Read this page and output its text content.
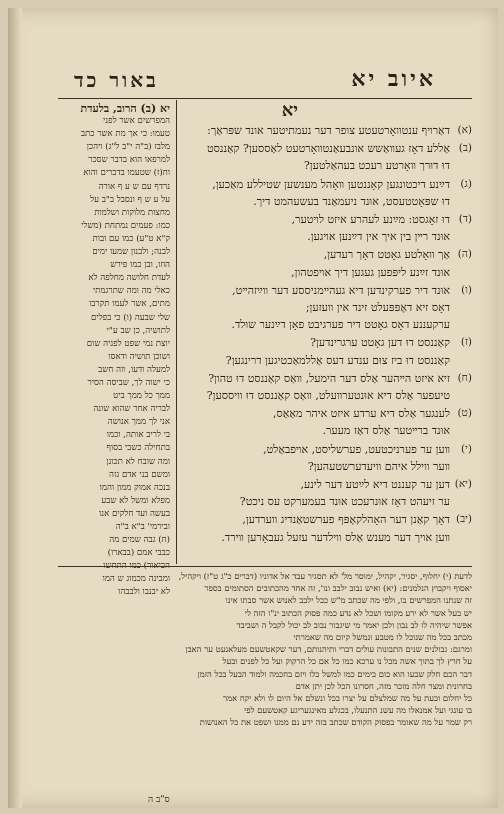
איוב יא
באור כד
יא
(א)
דאַרױף ענטװאָרטעטע צופר דער נעמתיטער אונד שפּראַך:
(ב)
אַללע דאָז געװאַשש אונבעאַנטװאָרטעט לאַססען? קאַננסט
דוּ דוּרך װאָרטע רעכט בעהאַלטען?
(ג)
דײַנע דיכטונגען קאָננטען װאָהל מענשען שטיללע מאַכען,
דוּ שפּאָטטעסט, אוּנד ניעמאַנד בעשעהמט דיך.
(ד)
דוּ זאָגסט: מײַנע לעהרע איזט לױטער,
אוּנד רײן בין איך אין דײַנען אױגען.
(ה)
אַך װאָלטע גאָטט דאָך רעדען,
אוּנד זײַנע ליפּפען געגען דיך אױפטהון,
(ו)
אוּנד דיר פערקינדען דיא געהײמניססע דער װײַזהײט,
דאָס זיא דאָפּפּעלט זינד אין װעזען;
ערקעננע דאָס גאָטט דיר פערגיבט פאָן דײַנער שוּלד.
(ז)
קאַננסט דוּ דען גאָטט ערגרינדען?
קאַננסט דוּ ביז צוּם ענדע דעס אַללמאַכטיגען דרינגען?
(ח)
זיא איזט הײהער אַלס דער הימעל, װאַס קאַננסט דוּ טהון?
טיעפער אַלס דיא אוּנטערװעלט, װאַס קאַננסט דוּ װיססען?
(ט)
לענגער אַלס דיא ערדע איזט איהר מאַאַס,
אוּנד ברײטער אַלס דאַז מעער.
(י)
װען ער פערניכטעט, פערשליסט, אױפבאַלט,
װער װילל איהם װיעדערשטעהען?
(יא)
דען ער קעננט דיא לײַטע דער לינע,
ער זיעהט דאָז אוּנרעכט אוּנד בעמערקט עס ניכט?
(יב)
דאָך קאַנן דער האָהלקאָפּף פערשטאַנדיג װערדען,
װען אױך דער מענש אַלס װילדער עזעל געבאָרען װירד.
יא (ב) הרוב, בלעדת
המפרשים אשר לפני
טעמו: כי אך מת אשר כתב
מלבז (ב"ה י"ב ל"ג) ויהכן
למרפאו הוא בדבר שסכר
וח(ז) שטעמו בדברים והוא
נרדף עם ש ע ף אורה
על ע ש ף ונסבל ב"ב על
מחצות מלוקות ושלמות
כמו: פעמים נמתחת (משלי
ק"א ט"ע) כמו עם ובות
לבנה; ולבנון שמעו ימים
הוזו, ובן כמו פירש
לעדת חלושה מחלפה לא
כאלי מה ומה שתרגמתי
מתים, אשר לעמו תקרבו
שלי שבעה (ו) כי בפלים
לתושיה, כן שב ע"י
יוצת נמי שפט לפניה שום
ושוכן תושיה ודאסו
למעלה ודעו, ווה חשב
כי ישוה לך, שביסה הסיר
ממך כל ממך ביט
לבריה אחר שהוא שונה
אני לך ממך אנושה
בי לריב אותה, וכמו
בתחילה כשבי בסוף
ומה שובח לא תכונן
ומשם בני אדם גזה
בנכה אמוק ממון והמו
מפלא ומשל לא שבע
בעשה ועד חלקים אנו
ובירמי' ב"א ב"ה
(ח) גבה שמים מה
כבבי אמם (בבארו)
הכיאור) כמו התחשו
ומבינה מכמוג ש המו
לא יבנבו ולבבהו
לדעת (י) יחלוף, יסגיר, יקהיל, ימוסר מל' לא תסגיר עבד אל אדוניו (דברים כ"ג ט"ז) ויקהיל,
יאסוף ויקבוץ הנלמנים: (יא) ואיש נבוב ילבב ונו', זה אחד מהכתובים הסתומים בספר
זה שנתנו המפרשים בו, ולפי מה שכתב מ"ש כבל ילבב לאנוש אשר סבתו אינו
יש בעל אשר לא ירע מקומו ושכל לא נדע כמה פסוק הכתוב ינ"ו הזה לי
אפשר שיהיה לו לב נבון ולכן יאמר מי שיגבור נבוב לב יכול לקבל ה ושביבד
מכתב בכל מה שנוכל לו מטבע ונמשל קיום מה שאמרתי
ומרגם: גבולנים שנים התבונות עולים דברי ותיהנותם, דער שקאטשעם מעלאנעט ער האבן
על חרץ לך בתוך אשה מכל נו ערכא כמו כל אם כל הרקוק ועל כל לפנים ובעל
דבר הכם חלק שבעו הוא כום בימים כמו למשל כלו ויזם בחכמה ולמוד הבעל בכל הזמן
בחרונית ומצר חלה מזכר מזה, חסרונו הכל לכן יתן אדם
כל יחלום וכעת על מה שמלצלם על יצרו בכל ונשלם אל היום לו ולא יקח אמר
בו עונגי ועל אמנאלו מה עשנ התנעלו, בכגלע מאינגעריגע קאטשעם לפי
רק שמר על מה שאומר בפסוק הקודם שכתב בזה ידע נם ממנו ושפט את כל האנושות
ס"ב ה
